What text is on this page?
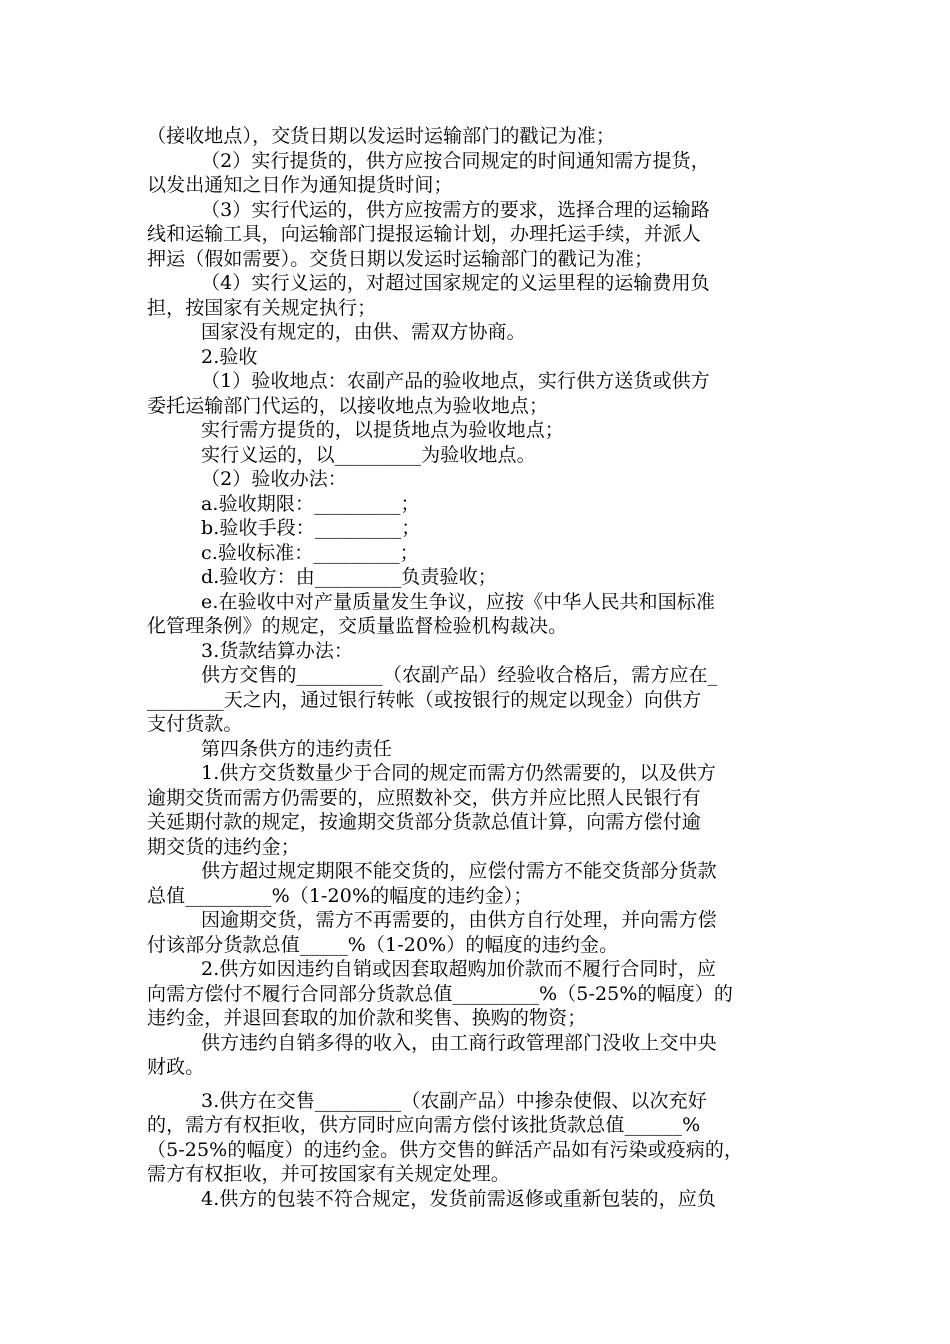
（接收地点），交货日期以发运时运输部门的戳记为准；
（2）实行提货的，供方应按合同规定的时间通知需方提货，
以发出通知之日作为通知提货时间；
（3）实行代运的，供方应按需方的要求，选择合理的运输路
线和运输工具，向运输部门提报运输计划，办理托运手续，并派人
押运（假如需要）。交货日期以发运时运输部门的戳记为准；
（4）实行义运的，对超过国家规定的义运里程的运输费用负
担，按国家有关规定执行；
国家没有规定的，由供、需双方协商。
2.验收
（1）验收地点：农副产品的验收地点，实行供方送货或供方
委托运输部门代运的，以接收地点为验收地点；
实行需方提货的，以提货地点为验收地点；
实行义运的，以_________为验收地点。
（2）验收办法：
a.验收期限：_________；
b.验收手段：_________；
c.验收标准：_________；
d.验收方：由_________负责验收；
e.在验收中对产量质量发生争议，应按《中华人民共和国标准
化管理条例》的规定，交质量监督检验机构裁决。
3.货款结算办法：
供方交售的_________（农副产品）经验收合格后，需方应在_
________天之内，通过银行转帐（或按银行的规定以现金）向供方
支付货款。
第四条供方的违约责任
1.供方交货数量少于合同的规定而需方仍然需要的，以及供方
逾期交货而需方仍需要的，应照数补交，供方并应比照人民银行有
关延期付款的规定，按逾期交货部分货款总值计算，向需方偿付逾
期交货的违约金；
供方超过规定期限不能交货的，应偿付需方不能交货部分货款
总值_________%（1-20%的幅度的违约金）；
因逾期交货，需方不再需要的，由供方自行处理，并向需方偿
付该部分货款总值_____%（1-20%）的幅度的违约金。
2.供方如因违约自销或因套取超购加价款而不履行合同时，应
向需方偿付不履行合同部分货款总值_________%（5-25%的幅度）的
违约金，并退回套取的加价款和奖售、换购的物资；
供方违约自销多得的收入，由工商行政管理部门没收上交中央
财政。
3.供方在交售_________（农副产品）中掺杂使假、以次充好
的，需方有权拒收，供方同时应向需方偿付该批货款总值______%
（5-25%的幅度）的违约金。供方交售的鲜活产品如有污染或疫病的，
需方有权拒收，并可按国家有关规定处理。
4.供方的包装不符合规定，发货前需返修或重新包装的，应负
